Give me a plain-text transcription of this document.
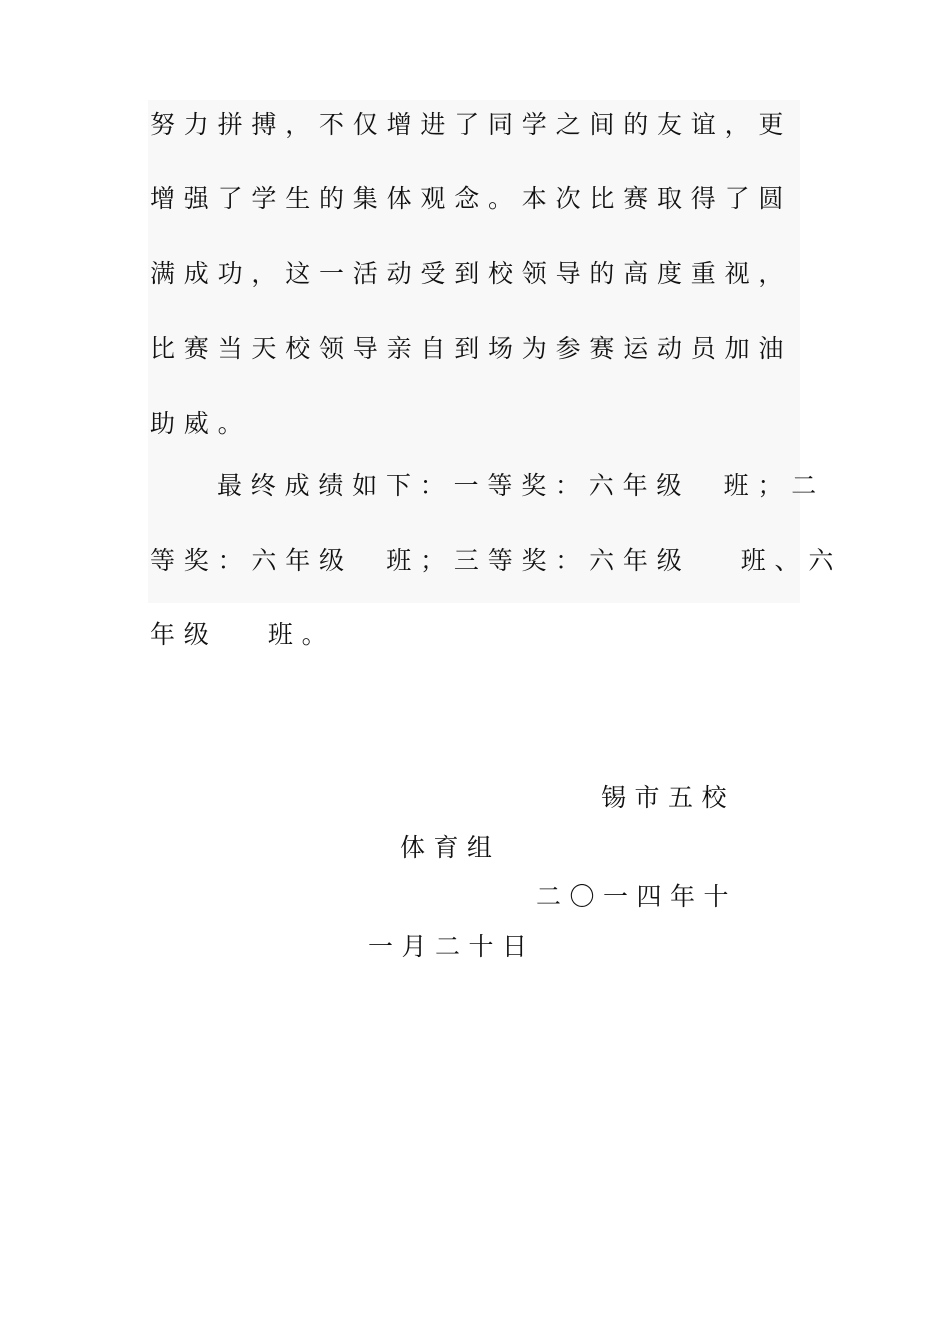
努力拼搏，不仅增进了同学之间的友谊，更
增强了学生的集体观念。本次比赛取得了圆
满成功，这一活动受到校领导的高度重视，
比赛当天校领导亲自到场为参赛运动员加油
助威。
最终成绩如下：一等奖：六年级  班；二
等奖：六年级  班；三等奖：六年级   班、六
年级   班。
锡市五校
体育组
二〇一四年十
一月二十日
